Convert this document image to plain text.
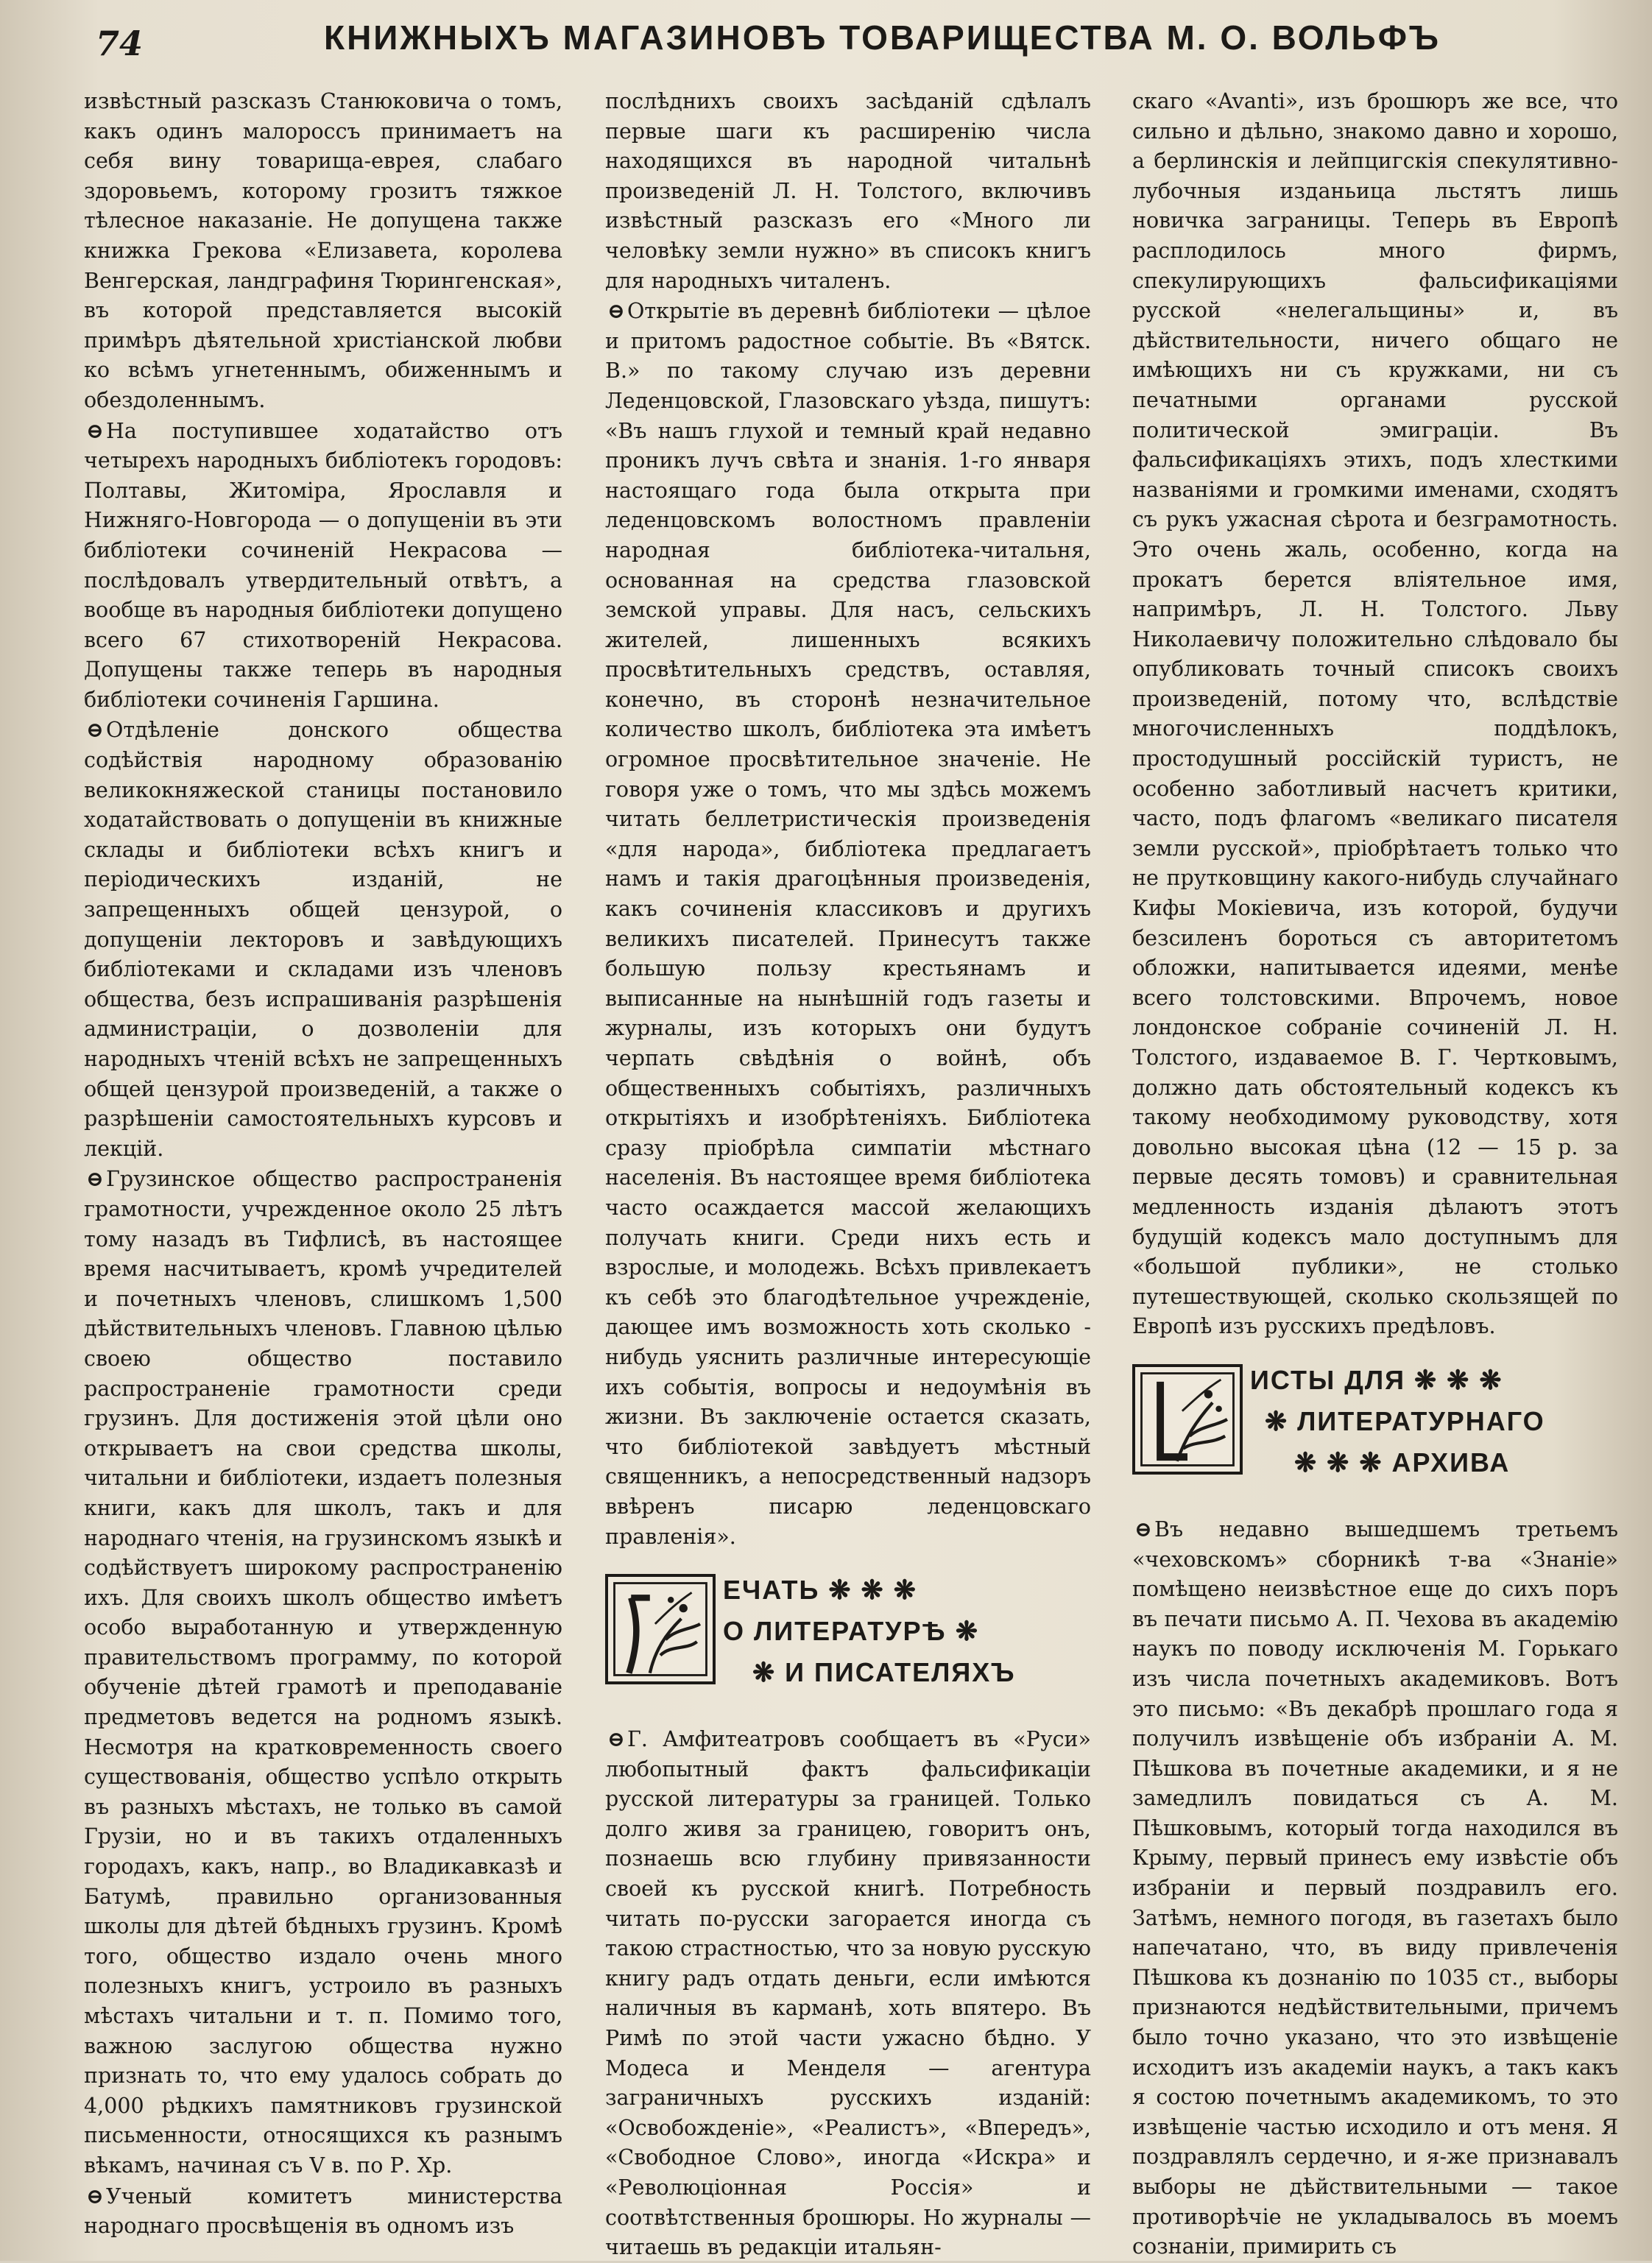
74	КНИЖНЫХЪ МАГАЗИНОВЪ ТОВАРИЩЕСТВА М. О. ВОЛЬФЪ

извѣстный разсказъ Станюковича о томъ, какъ одинъ малороссъ принимаетъ на себя вину товарища-еврея, слабаго здоровьемъ, которому грозитъ тяжкое тѣлесное наказаніе. Не допущена также книжка Грекова «Елизавета, королева Венгерская, ландграфиня Тюрингенская», въ которой представляется высокій примѣръ дѣятельной христіанской любви ко всѣмъ угнетеннымъ, обиженнымъ и обездоленнымъ.

⊖ На поступившее ходатайство отъ четырехъ народныхъ библіотекъ городовъ: Полтавы, Житоміра, Ярославля и Нижняго-Новгорода — о допущеніи въ эти библіотеки сочиненій Некрасова — послѣдовалъ утвердительный отвѣтъ, а вообще въ народныя библіотеки допущено всего 67 стихотвореній Некрасова. Допущены также теперь въ народныя библіотеки сочиненія Гаршина.

⊖ Отдѣленіе донского общества содѣйствія народному образованію великокняжеской станицы постановило ходатайствовать о допущеніи въ книжные склады и библіотеки всѣхъ книгъ и періодическихъ изданій, не запрещенныхъ общей цензурой, о допущеніи лекторовъ и завѣдующихъ библіотеками и складами изъ членовъ общества, безъ испрашиванія разрѣшенія администраціи, о дозволеніи для народныхъ чтеній всѣхъ не запрещенныхъ общей цензурой произведеній, а также о разрѣшеніи самостоятельныхъ курсовъ и лекцій.

⊖ Грузинское общество распространенія грамотности, учрежденное около 25 лѣтъ тому назадъ въ Тифлисѣ, въ настоящее время насчитываетъ, кромѣ учредителей и почетныхъ членовъ, слишкомъ 1,500 дѣйствительныхъ членовъ. Главною цѣлью своею общество поставило распространеніе грамотности среди грузинъ. Для достиженія этой цѣли оно открываетъ на свои средства школы, читальни и библіотеки, издаетъ полезныя книги, какъ для школъ, такъ и для народнаго чтенія, на грузинскомъ языкѣ и содѣйствуетъ широкому распространенію ихъ. Для своихъ школъ общество имѣетъ особо выработанную и утвержденную правительствомъ программу, по которой обученіе дѣтей грамотѣ и преподаваніе предметовъ ведется на родномъ языкѣ. Несмотря на кратковременность своего существованія, общество успѣло открыть въ разныхъ мѣстахъ, не только въ самой Грузіи, но и въ такихъ отдаленныхъ городахъ, какъ, напр., во Владикавказѣ и Батумѣ, правильно организованныя школы для дѣтей бѣдныхъ грузинъ. Кромѣ того, общество издало очень много полезныхъ книгъ, устроило въ разныхъ мѣстахъ читальни и т. п. Помимо того, важною заслугою общества нужно признать то, что ему удалось собрать до 4,000 рѣдкихъ памятниковъ грузинской письменности, относящихся къ разнымъ вѣкамъ, начиная съ V в. по Р. Хр.

⊖ Ученый комитетъ министерства народнаго просвѣщенія въ одномъ изъ

послѣднихъ своихъ засѣданій сдѣлалъ первые шаги къ расширенію числа находящихся въ народной читальнѣ произведеній Л. Н. Толстого, включивъ извѣстный разсказъ его «Много ли человѣку земли нужно» въ списокъ книгъ для народныхъ читаленъ.

⊖ Открытіе въ деревнѣ библіотеки — цѣлое и притомъ радостное событіе. Въ «Вятск. В.» по такому случаю изъ деревни Леденцовской, Глазовскаго уѣзда, пишутъ: «Въ нашъ глухой и темный край недавно проникъ лучъ свѣта и знанія. 1-го января настоящаго года была открыта при леденцовскомъ волостномъ правленіи народная библіотека-читальня, основанная на средства глазовской земской управы. Для насъ, сельскихъ жителей, лишенныхъ всякихъ просвѣтительныхъ средствъ, оставляя, конечно, въ сторонѣ незначительное количество школъ, библіотека эта имѣетъ огромное просвѣтительное значеніе. Не говоря уже о томъ, что мы здѣсь можемъ читать беллетристическія произведенія «для народа», библіотека предлагаетъ намъ и такія драгоцѣнныя произведенія, какъ сочиненія классиковъ и другихъ великихъ писателей. Принесутъ также большую пользу крестьянамъ и выписанные на нынѣшній годъ газеты и журналы, изъ которыхъ они будутъ черпать свѣдѣнія о войнѣ, объ общественныхъ событіяхъ, различныхъ открытіяхъ и изобрѣтеніяхъ. Библіотека сразу пріобрѣла симпатіи мѣстнаго населенія. Въ настоящее время библіотека часто осаждается массой желающихъ получать книги. Среди нихъ есть и взрослые, и молодежь. Всѣхъ привлекаетъ къ себѣ это благодѣтельное учрежденіе, дающее имъ возможность хоть сколько - нибудь уяснить различные интересующіе ихъ событія, вопросы и недоумѣнія въ жизни. Въ заключеніе остается сказать, что библіотекой завѣдуетъ мѣстный священникъ, а непосредственный надзоръ ввѣренъ писарю леденцовскаго правленія».

ЕЧАТЬ ❋ ❋ ❋
О ЛИТЕРАТУРѢ ❋
❋ И ПИСАТЕЛЯХЪ

⊖ Г. Амфитеатровъ сообщаетъ въ «Руси» любопытный фактъ фальсификаціи русской литературы за границей. Только долго живя за границею, говоритъ онъ, познаешь всю глубину привязанности своей къ русской книгѣ. Потребность читать по-русски загорается иногда съ такою страстностью, что за новую русскую книгу радъ отдать деньги, если имѣются наличныя въ карманѣ, хоть впятеро. Въ Римѣ по этой части ужасно бѣдно. У Модеса и Менделя — агентура заграничныхъ русскихъ изданій: «Освобожденіе», «Реалистъ», «Впередъ», «Свободное Слово», иногда «Искра» и «Революціонная Россія» и соотвѣтственныя брошюры. Но журналы — читаешь въ редакціи итальян-

скаго «Avanti», изъ брошюръ же все, что сильно и дѣльно, знакомо давно и хорошо, а берлинскія и лейпцигскія спекулятивно-лубочныя изданьица льстятъ лишь новичка заграницы. Теперь въ Европѣ расплодилось много фирмъ, спекулирующихъ фальсификаціями русской «нелегальщины» и, въ дѣйствительности, ничего общаго не имѣющихъ ни съ кружками, ни съ печатными органами русской политической эмиграціи. Въ фальсификаціяхъ этихъ, подъ хлесткими названіями и громкими именами, сходятъ съ рукъ ужасная сѣрота и безграмотность. Это очень жаль, особенно, когда на прокатъ берется вліятельное имя, напримѣръ, Л. Н. Толстого. Льву Николаевичу положительно слѣдовало бы опубликовать точный списокъ своихъ произведеній, потому что, вслѣдствіе многочисленныхъ поддѣлокъ, простодушный россійскій туристъ, не особенно заботливый насчетъ критики, часто, подъ флагомъ «великаго писателя земли русской», пріобрѣтаетъ только что не прутковщину какого-нибудь случайнаго Кифы Мокіевича, изъ которой, будучи безсиленъ бороться съ авторитетомъ обложки, напитывается идеями, менѣе всего толстовскими. Впрочемъ, новое лондонское собраніе сочиненій Л. Н. Толстого, издаваемое В. Г. Чертковымъ, должно дать обстоятельный кодексъ къ такому необходимому руководству, хотя довольно высокая цѣна (12 — 15 р. за первые десять томовъ) и сравнительная медленность изданія дѣлаютъ этотъ будущій кодексъ мало доступнымъ для «большой публики», не столько путешествующей, сколько скользящей по Европѣ изъ русскихъ предѣловъ.

ИСТЫ ДЛЯ ❋ ❋ ❋
❋ ЛИТЕРАТУРНАГО
❋ ❋ ❋ АРХИВА

⊖ Въ недавно вышедшемъ третьемъ «чеховскомъ» сборникѣ т-ва «Знаніе» помѣщено неизвѣстное еще до сихъ поръ въ печати письмо А. П. Чехова въ академію наукъ по поводу исключенія М. Горькаго изъ числа почетныхъ академиковъ. Вотъ это письмо: «Въ декабрѣ прошлаго года я получилъ извѣщеніе объ избраніи А. М. Пѣшкова въ почетные академики, и я не замедлилъ повидаться съ А. М. Пѣшковымъ, который тогда находился въ Крыму, первый принесъ ему извѣстіе объ избраніи и первый поздравилъ его. Затѣмъ, немного погодя, въ газетахъ было напечатано, что, въ виду привлеченія Пѣшкова къ дознанію по 1035 ст., выборы признаются недѣйствительными, причемъ было точно указано, что это извѣщеніе исходитъ изъ академіи наукъ, а такъ какъ я состою почетнымъ академикомъ, то это извѣщеніе частью исходило и отъ меня. Я поздравлялъ сердечно, и я-же признавалъ выборы не дѣйствительными — такое противорѣчіе не укладывалось въ моемъ сознаніи, примирить съ
